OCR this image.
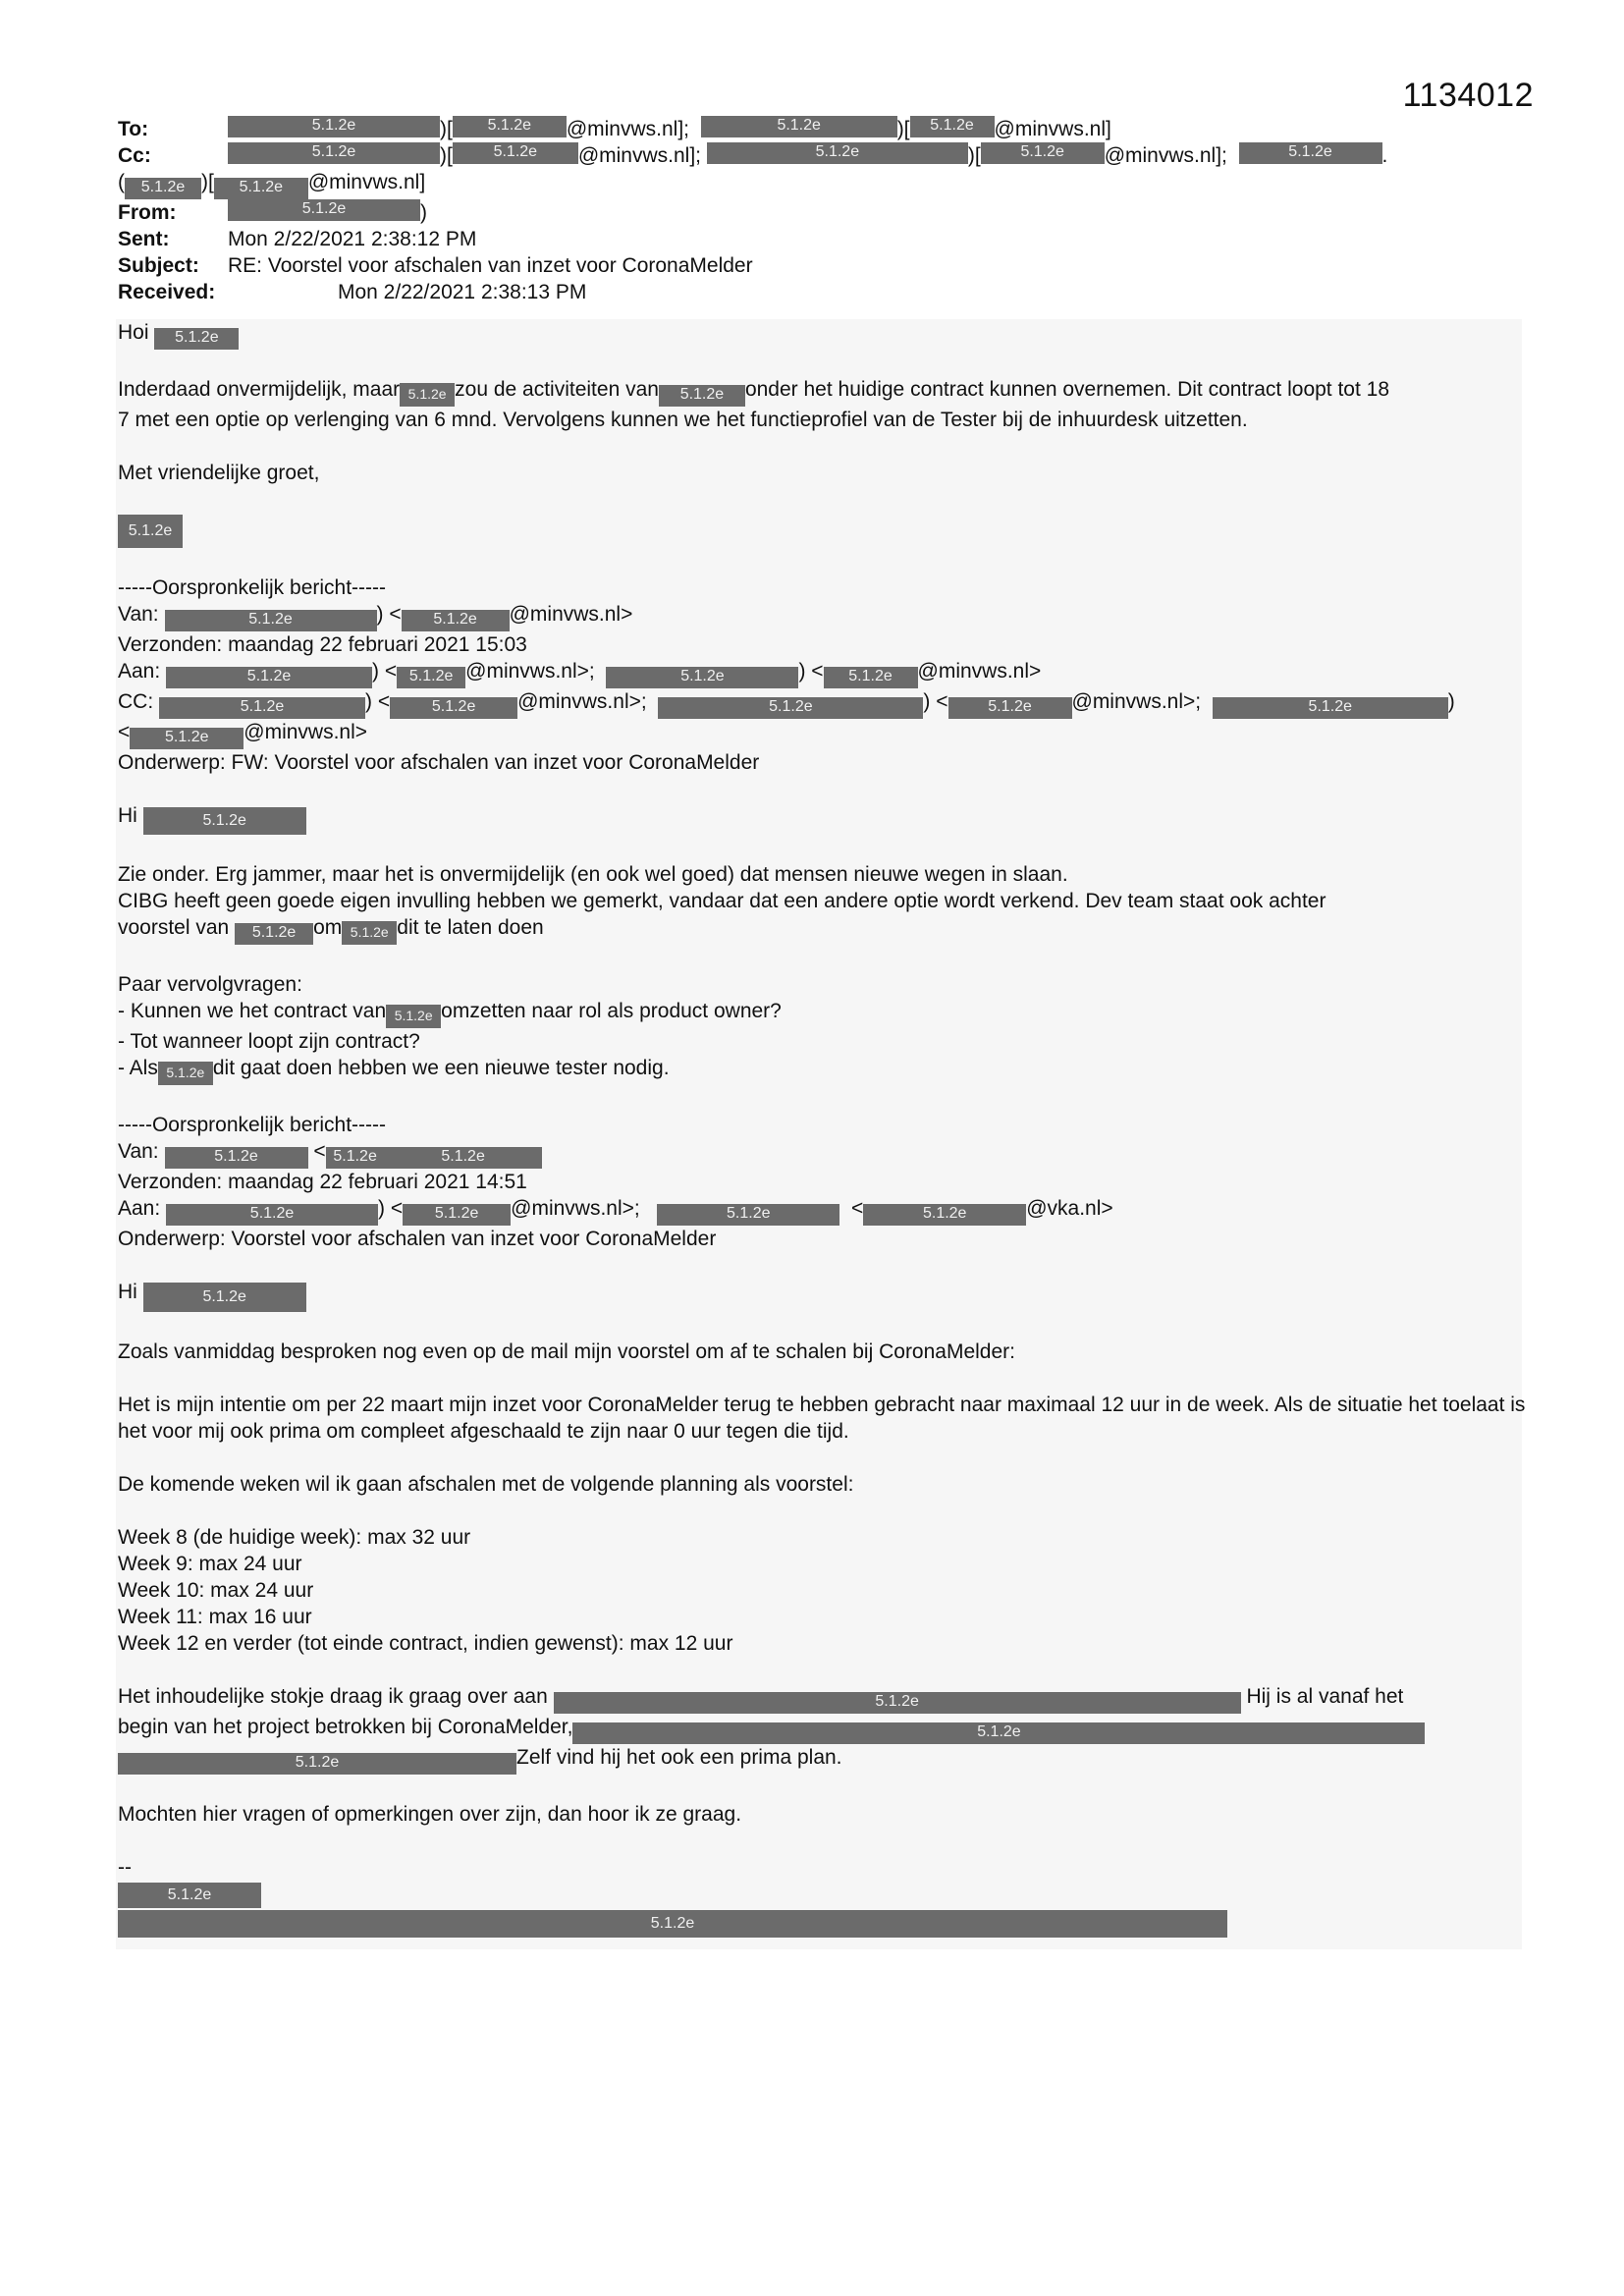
1134012
To:	5.1.2e	)[	5.1.2e	@minvws.nl ];	5.1.2e	)[	5.1.2e @minvws.nl ]
Cc:	5.1.2e	)[	5.1.2e	@minvws.nl ];	5.1.2e	)[	5.1.2e	@minvws.nl ];	5.1.2e	.
( 5.1.2e )[ 5.1.2e @minvws.nl]
From:	5.1.2e	)
Sent:	Mon 2/22/2021 2:38:12 PM
Subject:	RE: Voorstel voor afschalen van inzet voor CoronaMelder
Received:	Mon 2/22/2021 2:38:13 PM
Hoi 5.1.2e
Inderdaad onvermijdelijk, maar 5.1.2e zou de activiteiten van 5.1.2e onder het huidige contract kunnen overnemen. Dit contract loopt tot 18
7 met een optie op verlenging van 6 mnd. Vervolgens kunnen we het functieprofiel van de Tester bij de inhuurdesk uitzetten.
Met vriendelijke groet,
5.1.2e
-----Oorspronkelijk bericht-----
Van:	5.1.2e	) < 5.1.2e @minvws.nl>
Verzonden: maandag 22 februari 2021 15:03
Aan:	5.1.2e	) < 5.1.2e @minvws.nl>;	5.1.2e	) < 5.1.2e @minvws.nl>
CC:	5.1.2e	) <	5.1.2e @minvws.nl>;	5.1.2e	) <	5.1.2e @minvws.nl>;	5.1.2e	)
< 5.1.2e @minvws.nl>
Onderwerp: FW: Voorstel voor afschalen van inzet voor CoronaMelder
Hi	5.1.2e
Zie onder. Erg jammer, maar het is onvermijdelijk (en ook wel goed) dat mensen nieuwe wegen in slaan.
CIBG heeft geen goede eigen invulling hebben we gemerkt, vandaar dat een andere optie wordt verkend. Dev team staat ook achter
voorstel van 5.1.2e om 5.1.2e dit te laten doen
Paar vervolgvragen:
- Kunnen we het contract van 5.1.2e omzetten naar rol als product owner?
- Tot wanneer loopt zijn contract?
- Als 5.1.2e dit gaat doen hebben we een nieuwe tester nodig.
-----Oorspronkelijk bericht-----
Van:	5.1.2e < 5.1.2e	5.1.2e
Verzonden: maandag 22 februari 2021 14:51
Aan:	5.1.2e	) < 5.1.2e @minvws.nl>;	5.1.2e	<	5.1.2e	@vka.nl>
Onderwerp: Voorstel voor afschalen van inzet voor CoronaMelder
Hi	5.1.2e
Zoals vanmiddag besproken nog even op de mail mijn voorstel om af te schalen bij CoronaMelder:
Het is mijn intentie om per 22 maart mijn inzet voor CoronaMelder terug te hebben gebracht naar maximaal 12 uur in de week. Als de situatie het toelaat is het voor mij ook prima om compleet afgeschaald te zijn naar 0 uur tegen die tijd.
De komende weken wil ik gaan afschalen met de volgende planning als voorstel:
Week 8 (de huidige week): max 32 uur
Week 9: max 24 uur
Week 10: max 24 uur
Week 11: max 16 uur
Week 12 en verder (tot einde contract, indien gewenst): max 12 uur
Het inhoudelijke stokje draag ik graag over aan	5.1.2e	Hij is al vanaf het
begin van het project betrokken bij CoronaMelder,	5.1.2e
5.1.2e	Zelf vind hij het ook een prima plan.
Mochten hier vragen of opmerkingen over zijn, dan hoor ik ze graag.
--
5.1.2e
5.1.2e
